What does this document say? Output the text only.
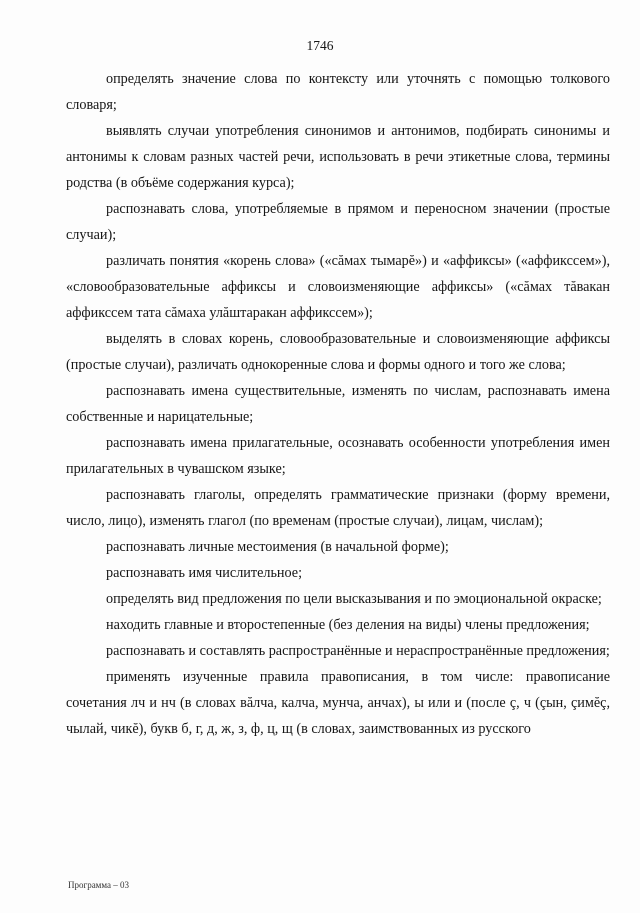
1746

определять значение слова по контексту или уточнять с помощью толкового словаря;

выявлять случаи употребления синонимов и антонимов, подбирать синонимы и антонимы к словам разных частей речи, использовать в речи этикетные слова, термины родства (в объёме содержания курса);

распознавать слова, употребляемые в прямом и переносном значении (простые случаи);

различать понятия «корень слова» («сăмах тымарĕ») и «аффиксы» («аффикссем»), «словообразовательные аффиксы и словоизменяющие аффиксы» («сăмах тăвакан аффикссем тата сăмаха улăштаракан аффикссем»);

выделять в словах корень, словообразовательные и словоизменяющие аффиксы (простые случаи), различать однокоренные слова и формы одного и того же слова;

распознавать имена существительные, изменять по числам, распознавать имена собственные и нарицательные;

распознавать имена прилагательные, осознавать особенности употребления имен прилагательных в чувашском языке;

распознавать глаголы, определять грамматические признаки (форму времени, число, лицо), изменять глагол (по временам (простые случаи), лицам, числам);

распознавать личные местоимения (в начальной форме);

распознавать имя числительное;

определять вид предложения по цели высказывания и по эмоциональной окраске;

находить главные и второстепенные (без деления на виды) члены предложения;

распознавать и составлять распространённые и нераспространённые предложения;

применять изученные правила правописания, в том числе: правописание сочетания лч и нч (в словах вăлча, калча, мунча, анчах), ы или и (после ç, ч (çын, çимĕç, чылай, чикĕ), букв б, г, д, ж, з, ф, ц, щ (в словах, заимствованных из русского

Программа – 03
